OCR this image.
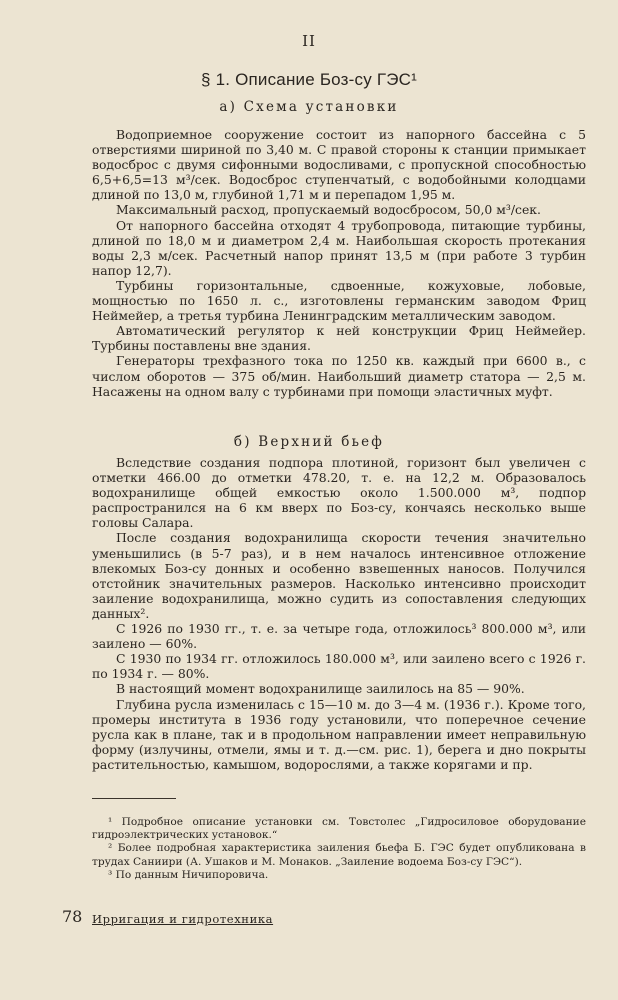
II
§ 1. Описание Боз-су ГЭС¹
а) Схема установки

Водоприемное сооружение состоит из напорного бассейна с 5 отверстиями шириной по 3,40 м. С правой стороны к станции примыкает водосброс с двумя сифонными водосливами, с пропускной способностью 6,5+6,5=13 м³/сек. Водосброс ступенчатый, с водобойными колодцами длиной по 13,0 м, глубиной 1,71 м и перепадом 1,95 м.

Максимальный расход, пропускаемый водосбросом, 50,0 м³/сек.

От напорного бассейна отходят 4 трубопровода, питающие турбины, длиной по 18,0 м и диаметром 2,4 м. Наибольшая скорость протекания воды 2,3 м/сек. Расчетный напор принят 13,5 м (при работе 3 турбин напор 12,7).

Турбины горизонтальные, сдвоенные, кожуховые, лобовые, мощностью по 1650 л. с., изготовлены германским заводом Фриц Неймейер, а третья турбина Ленинградским металлическим заводом.

Автоматический регулятор к ней конструкции Фриц Неймейер. Турбины поставлены вне здания.

Генераторы трехфазного тока по 1250 кв. каждый при 6600 в., с числом оборотов — 375 об/мин. Наибольший диаметр статора — 2,5 м. Насажены на одном валу с турбинами при помощи эластичных муфт.

б) Верхний бьеф

Вследствие создания подпора плотиной, горизонт был увеличен с отметки 466.00 до отметки 478.20, т. е. на 12,2 м. Образовалось водохранилище общей емкостью около 1.500.000 м³, подпор распространился на 6 км вверх по Боз-су, кончаясь несколько выше головы Салара.

После создания водохранилища скорости течения значительно уменьшились (в 5-7 раз), и в нем началось интенсивное отложение влекомых Боз-су донных и особенно взвешенных наносов. Получился отстойник значительных размеров. Насколько интенсивно происходит заиление водохранилища, можно судить из сопоставления следующих данных².

С 1926 по 1930 гг., т. е. за четыре года, отложилось³ 800.000 м³, или заилено — 60%.

С 1930 по 1934 гг. отложилось 180.000 м³, или заилено всего с 1926 г. по 1934 г. — 80%.

В настоящий момент водохранилище заилилось на 85 — 90%.

Глубина русла изменилась с 15—10 м. до 3—4 м. (1936 г.). Кроме того, промеры института в 1936 году установили, что поперечное сечение русла как в плане, так и в продольном направлении имеет неправильную форму (излучины, отмели, ямы и т. д.—см. рис. 1), берега и дно покрыты растительностью, камышом, водорослями, а также корягами и пр.

¹ Подробное описание установки см. Товстолес „Гидросиловое оборудование гидроэлектрических установок.“

² Более подробная характеристика заиления бьефа Б. ГЭС будет опубликована в трудах Саниири (А. Ушаков и М. Монаков. „Заиление водоема Боз-су ГЭС“).

³ По данным Ничипоровича.

78 Ирригация и гидротехника
